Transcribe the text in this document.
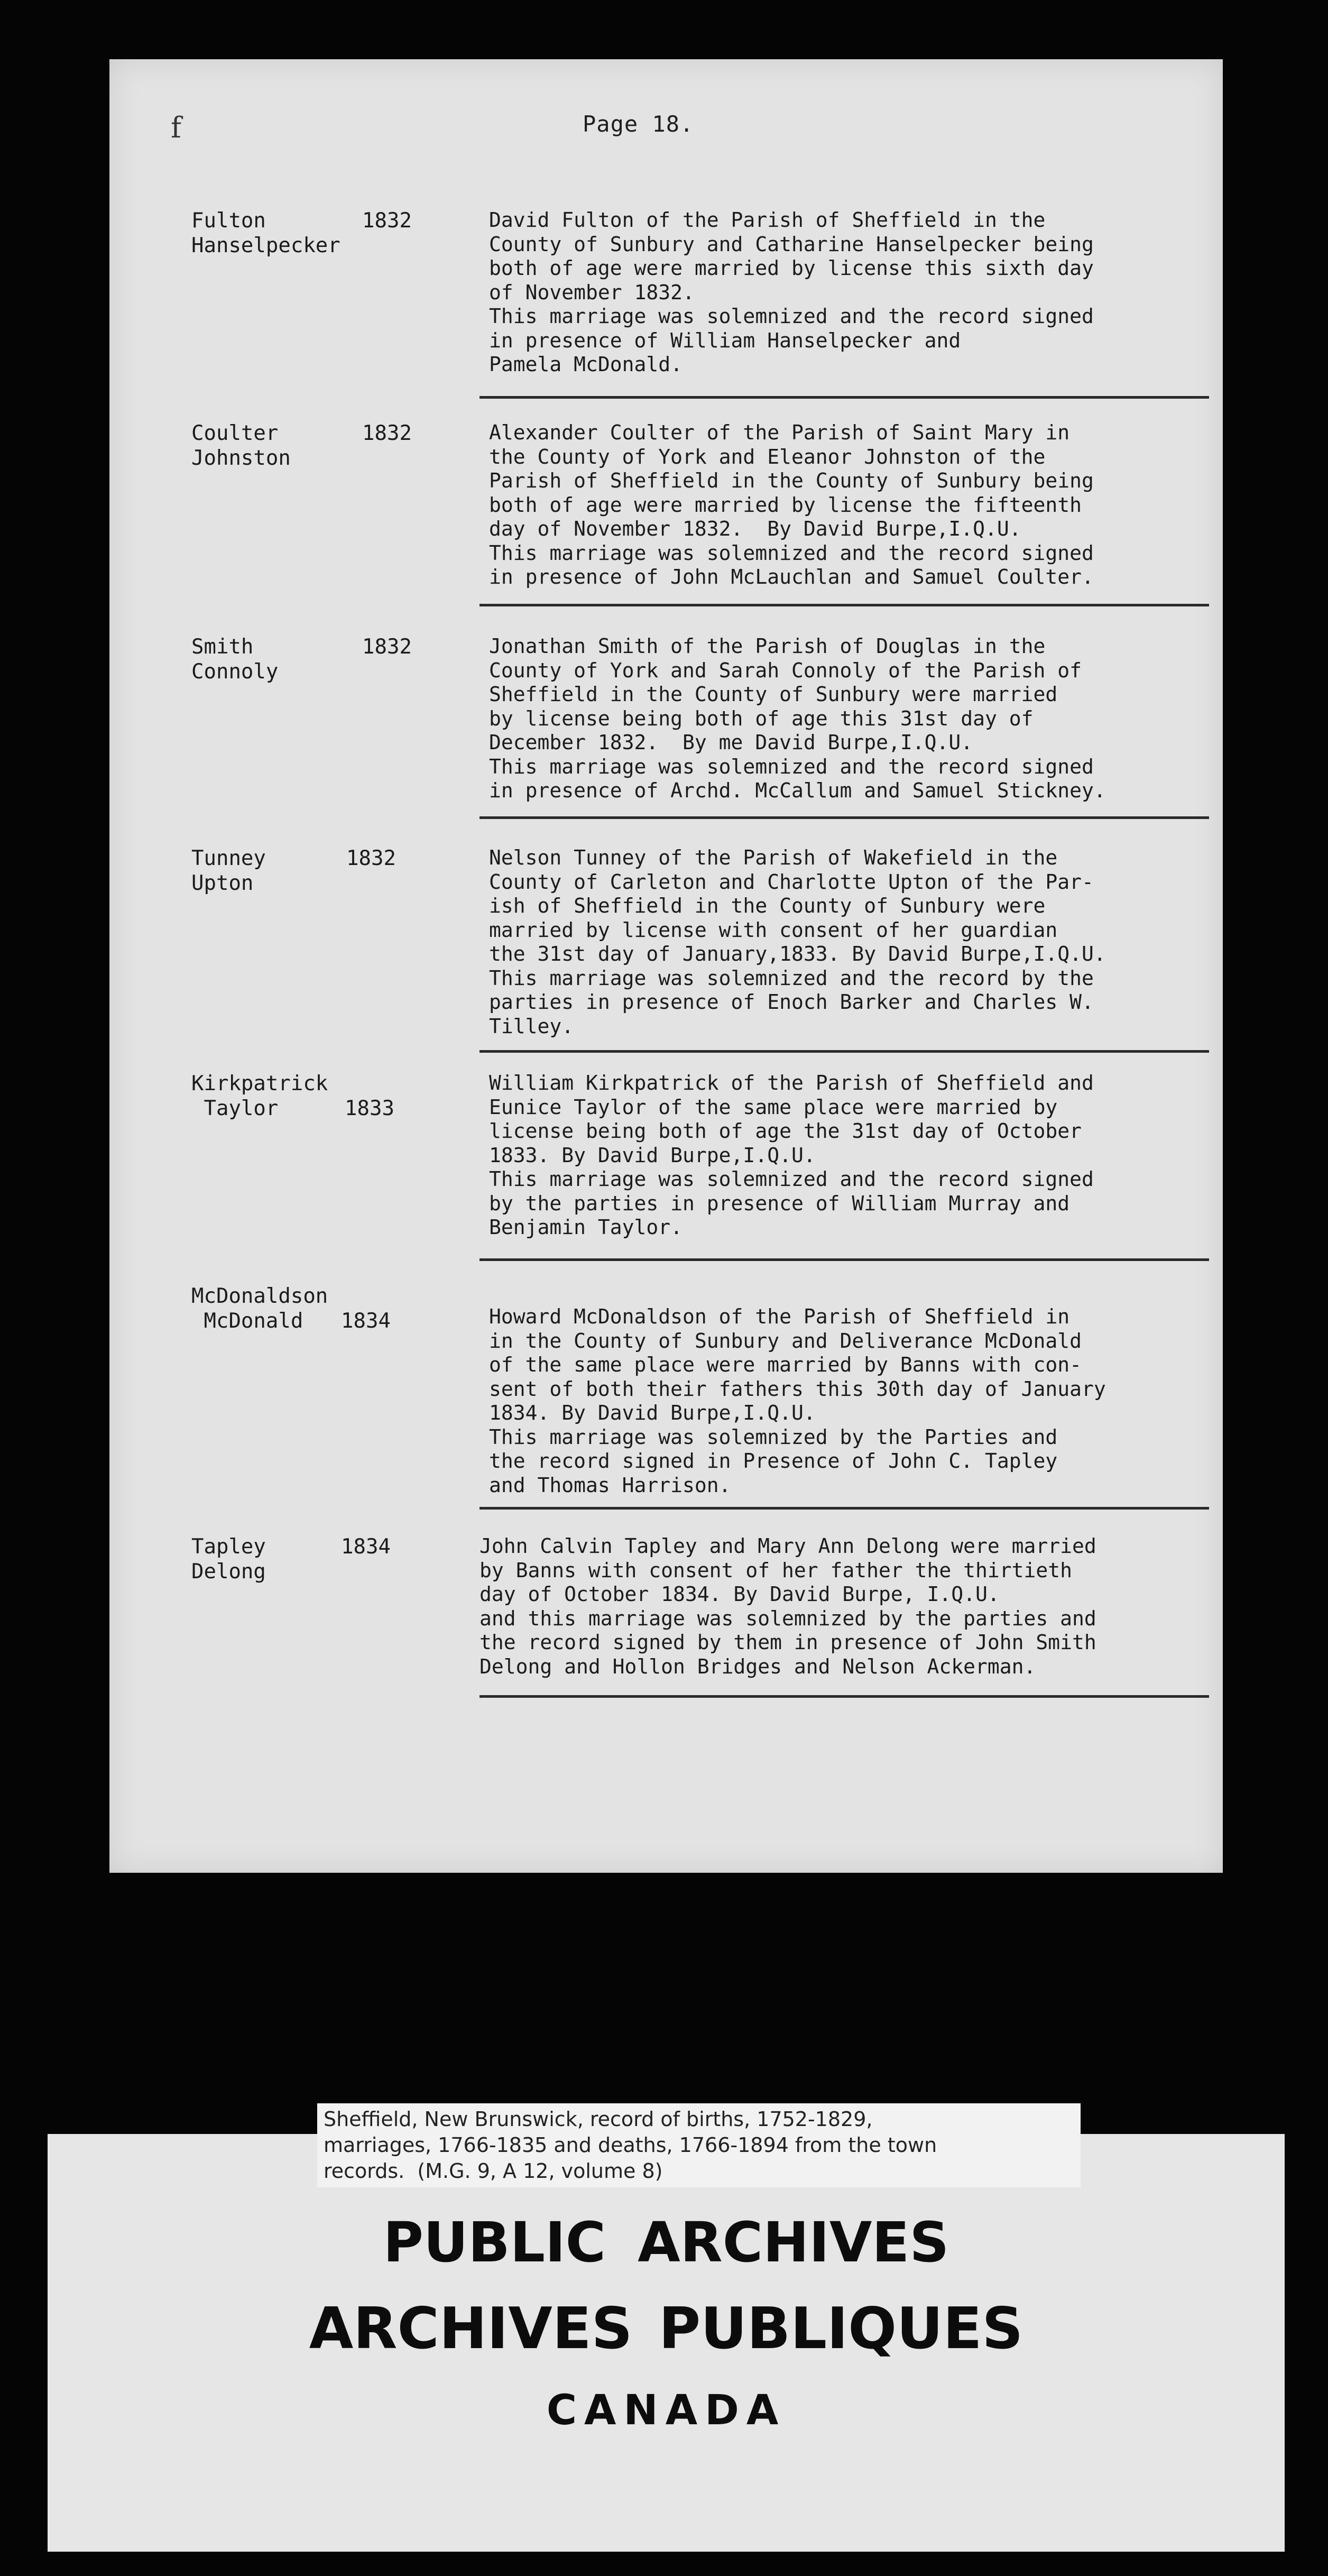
f	Page 18.
Fulton
Hanselpecker
1832	David Fulton of the Parish of Sheffield in the
County of Sunbury and Catharine Hanselpecker being
both of age were married by license this sixth day
of November 1832.
This marriage was solemnized and the record signed
in presence of William Hanselpecker and
Pamela McDonald.
Coulter
Johnston
1832	Alexander Coulter of the Parish of Saint Mary in
the County of York and Eleanor Johnston of the
Parish of Sheffield in the County of Sunbury being
both of age were married by license the fifteenth
day of November 1832.  By David Burpe,I.Q.U.
This marriage was solemnized and the record signed
in presence of John McLauchlan and Samuel Coulter.
Smith
Connoly
1832	Jonathan Smith of the Parish of Douglas in the
County of York and Sarah Connoly of the Parish of
Sheffield in the County of Sunbury were married
by license being both of age this 31st day of
December 1832.  By me David Burpe,I.Q.U.
This marriage was solemnized and the record signed
in presence of Archd. McCallum and Samuel Stickney.
Tunney
Upton
1832	Nelson Tunney of the Parish of Wakefield in the
County of Carleton and Charlotte Upton of the Par-
ish of Sheffield in the County of Sunbury were
married by license with consent of her guardian
the 31st day of January,1833. By David Burpe,I.Q.U.
This marriage was solemnized and the record by the
parties in presence of Enoch Barker and Charles W.
Tilley.
Kirkpatrick
Taylor	1833
William Kirkpatrick of the Parish of Sheffield and
Eunice Taylor of the same place were married by
license being both of age the 31st day of October
1833. By David Burpe,I.Q.U.
This marriage was solemnized and the record signed
by the parties in presence of William Murray and
Benjamin Taylor.
McDonaldson
McDonald	1834	Howard McDonaldson of the Parish of Sheffield in
in the County of Sunbury and Deliverance McDonald
of the same place were married by Banns with con-
sent of both their fathers this 30th day of January
1834. By David Burpe,I.Q.U.
This marriage was solemnized by the Parties and
the record signed in Presence of John C. Tapley
and Thomas Harrison.
Tapley
Delong
1834	John Calvin Tapley and Mary Ann Delong were married
by Banns with consent of her father the thirtieth
day of October 1834. By David Burpe, I.Q.U.
and this marriage was solemnized by the parties and
the record signed by them in presence of John Smith
Delong and Hollon Bridges and Nelson Ackerman.
Sheffield, New Brunswick, record of births, 1752-1829,
marriages, 1766-1835 and deaths, 1766-1894 from the town
records.  (M.G. 9, A 12, volume 8)
PUBLIC ARCHIVES
ARCHIVES PUBLIQUES
CANADA
